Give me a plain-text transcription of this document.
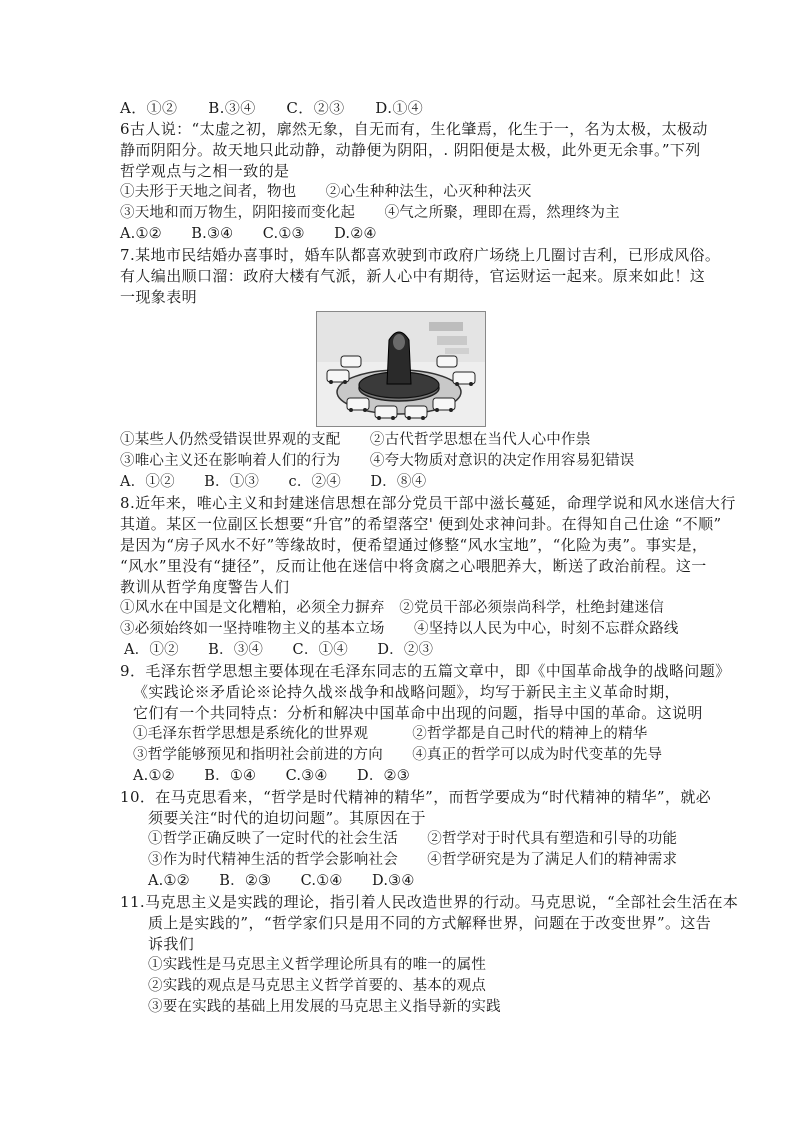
A．①②　　B.③④　　C．②③　　D.①④
6古人说：“太虚之初，廓然无象，自无而有，生化肇焉，化生于一，名为太极，太极动
静而阴阳分。故天地只此动静，动静便为阴阳，. 阴阳便是太极，此外更无余事。”下列
哲学观点与之相一致的是
①夫形于天地之间者，物也　　②心生种种法生，心灭种种法灭
③天地和而万物生，阴阳接而变化起　　④气之所聚，理即在焉，然理终为主
A.①②　　B.③④　　C.①③　　D.②④
7.某地市民结婚办喜事时，婚车队都喜欢驶到市政府广场绕上几圈讨吉利，已形成风俗。
有人编出顺口溜：政府大楼有气派，新人心中有期待，官运财运一起来。原来如此！这
一现象表明
①某些人仍然受错误世界观的支配　　②古代哲学思想在当代人心中作祟
③唯心主义还在影响着人们的行为　　④夸大物质对意识的决定作用容易犯错误
A．①②　　B．①③　　c．②④　　D．⑧④
8.近年来，唯心主义和封建迷信思想在部分党员干部中滋长蔓延，命理学说和风水迷信大行
其道。某区一位副区长想要“升官”的希望落空' 便到处求神问卦。在得知自己仕途 “不顺”
是因为“房子风水不好”等缘故时，便希望通过修整“风水宝地”，“化险为夷”。事实是，
“风水”里没有“捷径”，反而让他在迷信中将贪腐之心喂肥养大，断送了政治前程。这一
教训从哲学角度警告人们
①风水在中国是文化糟粕，必须全力摒弃　②党员干部必须崇尚科学，杜绝封建迷信
③必须始终如一坚持唯物主义的基本立场　　④坚持以人民为中心，时刻不忘群众路线
A．①②　　B．③④　　C．①④　　D．②③
9．毛泽东哲学思想主要体现在毛泽东同志的五篇文章中，即《中国革命战争的战略问题》
《实践论※矛盾论※论持久战※战争和战略问题》，均写于新民主主义革命时期，
它们有一个共同特点：分析和解决中国革命中出现的问题，指导中国的革命。这说明
①毛泽东哲学思想是系统化的世界观　　　②哲学都是自己时代的精神上的精华
③哲学能够预见和指明社会前进的方向　　④真正的哲学可以成为时代变革的先导
A.①②　　B．①④　　C.③④　　D．②③
10．在马克思看来，“哲学是时代精神的精华”，而哲学要成为“时代精神的精华”，就必
须要关注“时代的迫切问题”。其原因在于
①哲学正确反映了一定时代的社会生活　　②哲学对于时代具有塑造和引导的功能
③作为时代精神生活的哲学会影响社会　　④哲学研究是为了满足人们的精神需求
A.①②　　B．②③　　C.①④　　D.③④
11.马克思主义是实践的理论，指引着人民改造世界的行动。马克思说，“全部社会生活在本
质上是实践的”，“哲学家们只是用不同的方式解释世界，问题在于改变世界”。这告
诉我们
①实践性是马克思主义哲学理论所具有的唯一的属性
②实践的观点是马克思主义哲学首要的、基本的观点
③要在实践的基础上用发展的马克思主义指导新的实践
